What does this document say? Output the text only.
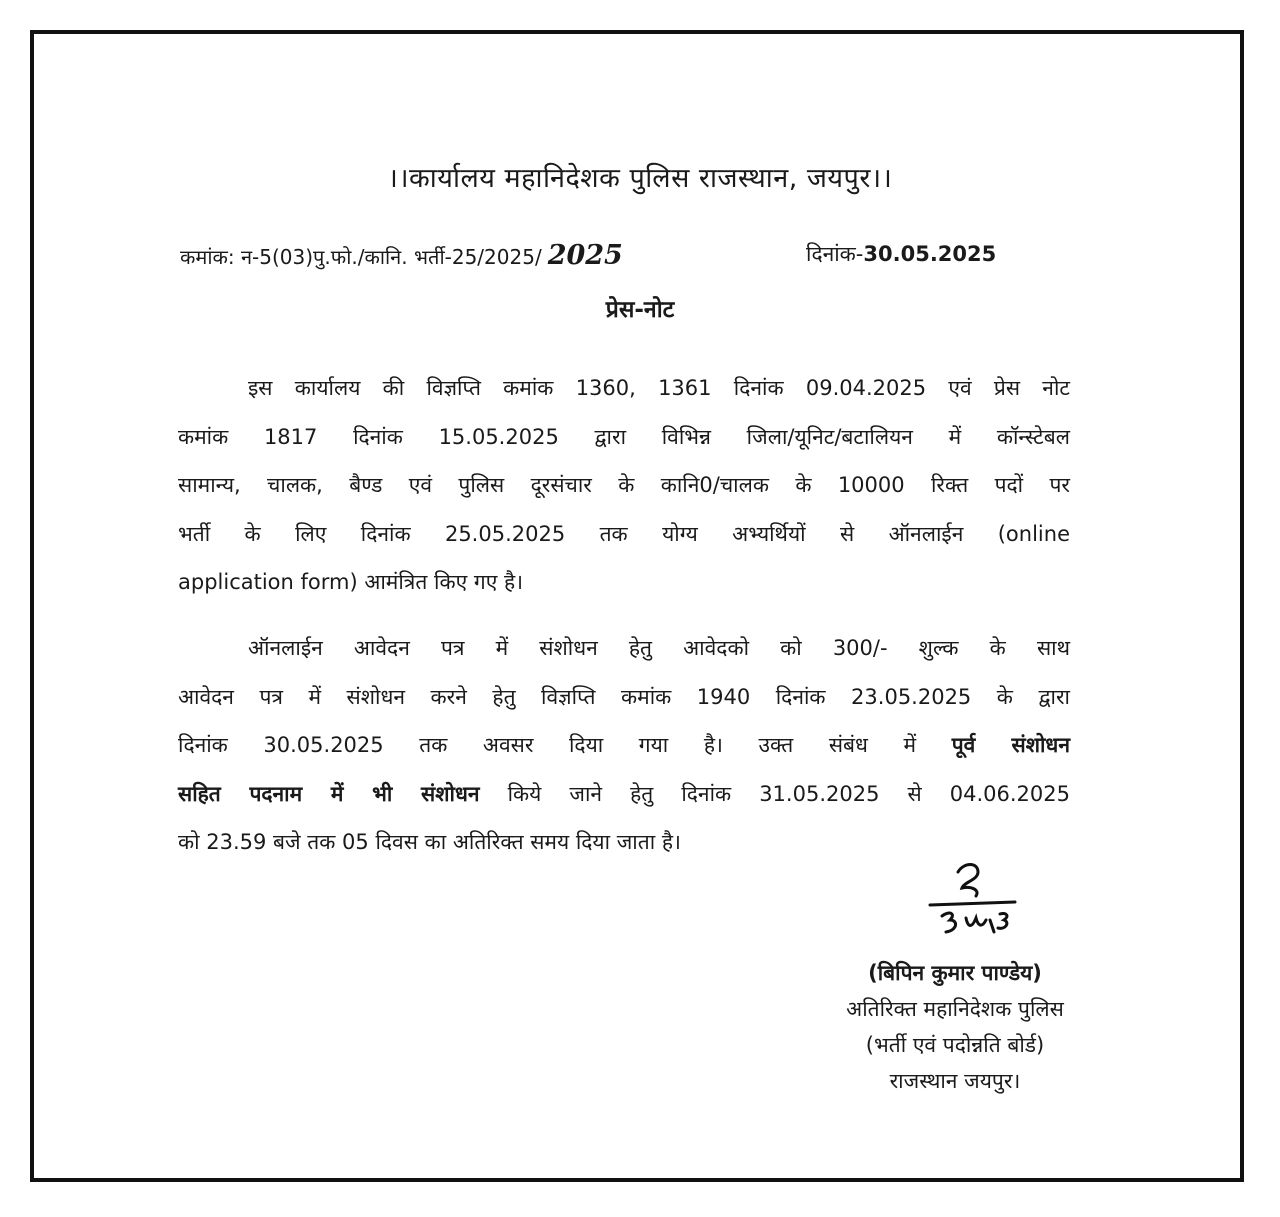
।।कार्यालय महानिदेशक पुलिस राजस्थान, जयपुर।।
कमांक: न-5(03)पु.फो./कानि. भर्ती-25/2025/ 2025	दिनांक-30.05.2025
प्रेस-नोट
इस कार्यालय की विज्ञप्ति कमांक 1360, 1361 दिनांक 09.04.2025 एवं प्रेस नोट
कमांक 1817 दिनांक 15.05.2025 द्वारा विभिन्न जिला/यूनिट/बटालियन में कॉन्स्टेबल
सामान्य, चालक, बैण्ड एवं पुलिस दूरसंचार के कानि0/चालक के 10000 रिक्त पदों पर
भर्ती के लिए दिनांक 25.05.2025 तक योग्य अभ्यर्थियों से ऑनलाईन (online
application form) आमंत्रित किए गए है।
ऑनलाईन आवेदन पत्र में संशोधन हेतु आवेदको को 300/- शुल्क के साथ
आवेदन पत्र में संशोधन करने हेतु विज्ञप्ति कमांक 1940 दिनांक 23.05.2025 के द्वारा
दिनांक 30.05.2025 तक अवसर दिया गया है। उक्त संबंध में पूर्व संशोधन
सहित पदनाम में भी संशोधन किये जाने हेतु दिनांक 31.05.2025 से 04.06.2025
को 23.59 बजे तक 05 दिवस का अतिरिक्त समय दिया जाता है।
(बिपिन कुमार पाण्डेय)
अतिरिक्त महानिदेशक पुलिस
(भर्ती एवं पदोन्नति बोर्ड)
राजस्थान जयपुर।
